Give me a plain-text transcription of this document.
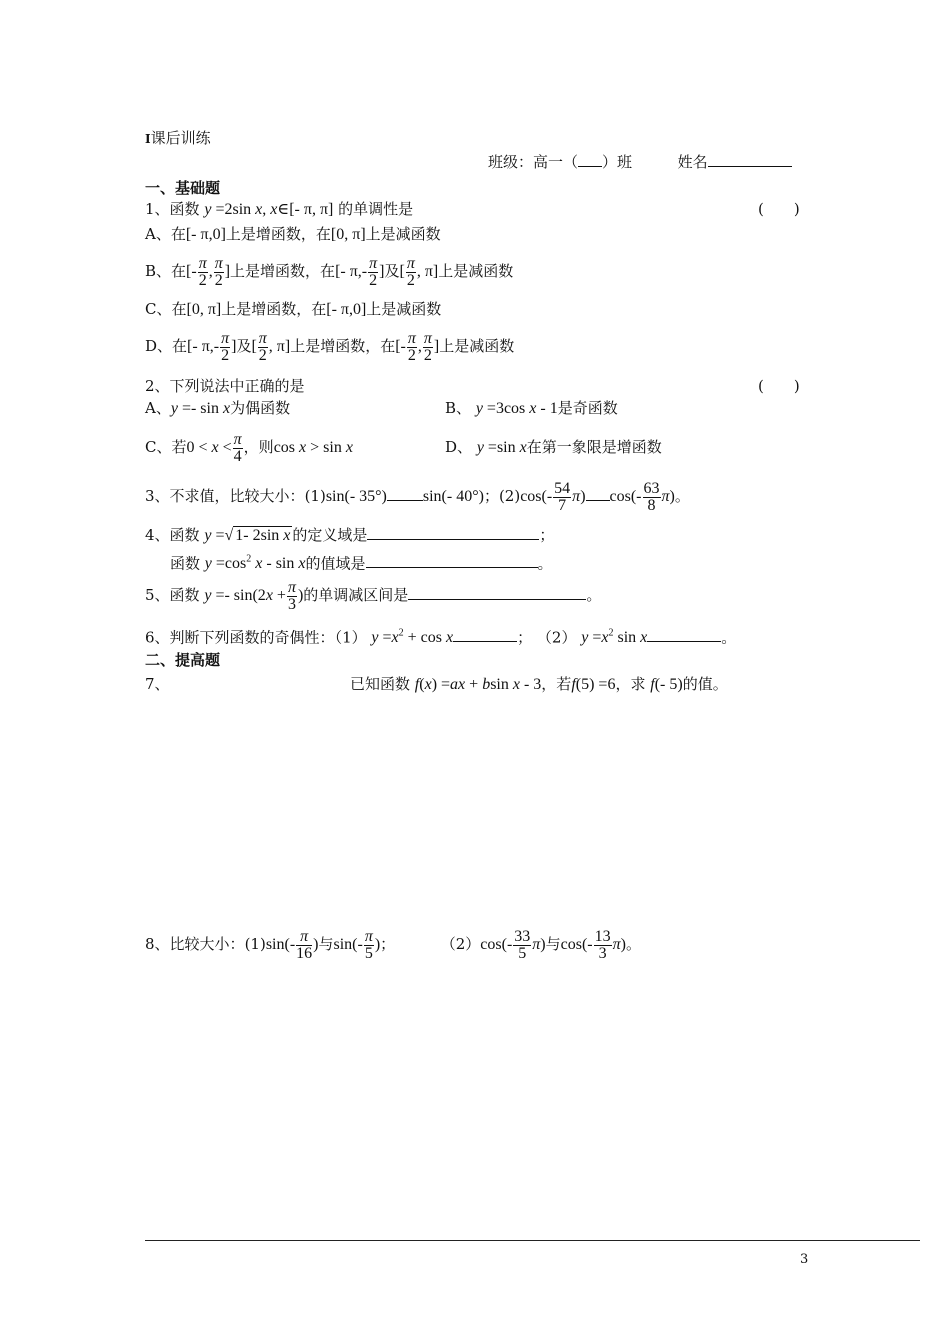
I课后训练
班级：高一（ ）班	姓名
一、基础题
1、函数 y =2sin x, x∈[- π, π] 的单调性是	(　　)
A、在[- π,0]上是增函数，在[0, π]上是减函数
B、在[- $\frac{\pi}{2}$ , $\frac{\pi}{2}$ ]上是增函数，在[- $\pi,- \frac{\pi}{2}$ ]及[ $\frac{\pi}{2}$ , π]上是减函数
C、在[0, π]上是增函数，在[- π,0]上是减函数
D、在[- $\pi,- \frac{\pi}{2}$ ]及[ $\frac{\pi}{2}$ , π]上是增函数，在[- $\frac{\pi}{2}$ , $\frac{\pi}{2}$ ]上是减函数
2、下列说法中正确的是	(　　)
A、y =- sin x为偶函数	B、 y =3cos x - 1是奇函数
C、若$0 < x < \frac{\pi}{4}$ ，则cos x > sin x	D、 y =sin x在第一象限是增函数
3、不求值，比较大小：(1)sin(- 35°) sin(- 40°)；$(2)\cos(- \frac{54}{7} \pi)$ $\cos(- \frac{63}{8} \pi)$。
4、函数 y =√ 1- 2sin x 的定义域是	；
函数 $y =\cos^2$ x - sin x的值域是	。
5、函数 $y =- \sin(2x + \frac{\pi}{3}$ )的单调减区间是	。
6、判断下列函数的奇偶性：（1） $y =x^2 + \cos x$	； （2） $y =x^2$ sin x	。
二、提高题
7、	已知函数 f(x) =ax + bsin x - 3，若f(5) =6，求 f(- 5)的值。
8、比较大小：$(1)\sin(- \frac{\pi}{16}$ )与$\sin(- \frac{\pi}{5}$ )；	$(2)\cos(- \frac{33}{5} \pi)$与$\cos(- \frac{13}{3} \pi)$。
3
